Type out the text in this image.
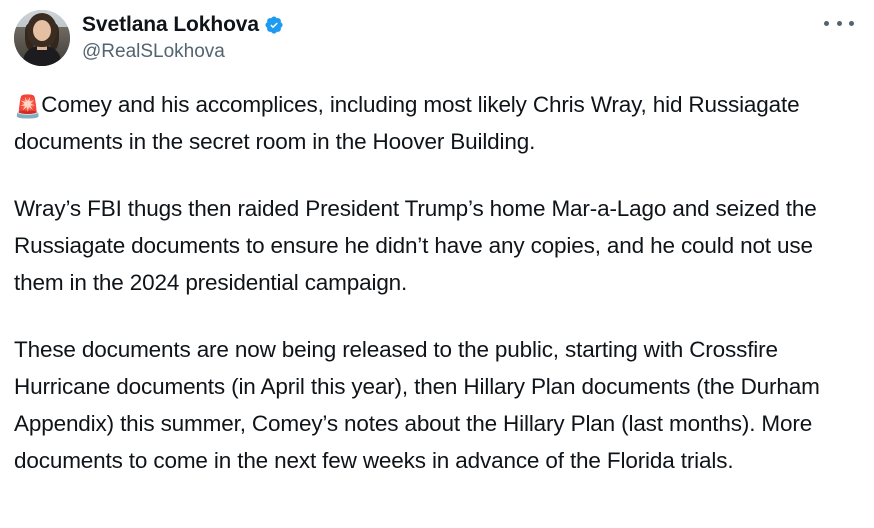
Svetlana Lokhova
@RealSLokhova

🚨Comey and his accomplices, including most likely Chris Wray, hid Russiagate documents in the secret room in the Hoover Building.

Wray’s FBI thugs then raided President Trump’s home Mar-a-Lago and seized the Russiagate documents to ensure he didn’t have any copies, and he could not use them in the 2024 presidential campaign.

These documents are now being released to the public, starting with Crossfire Hurricane documents (in April this year), then Hillary Plan documents (the Durham Appendix) this summer, Comey’s notes about the Hillary Plan (last months). More documents to come in the next few weeks in advance of the Florida trials.
